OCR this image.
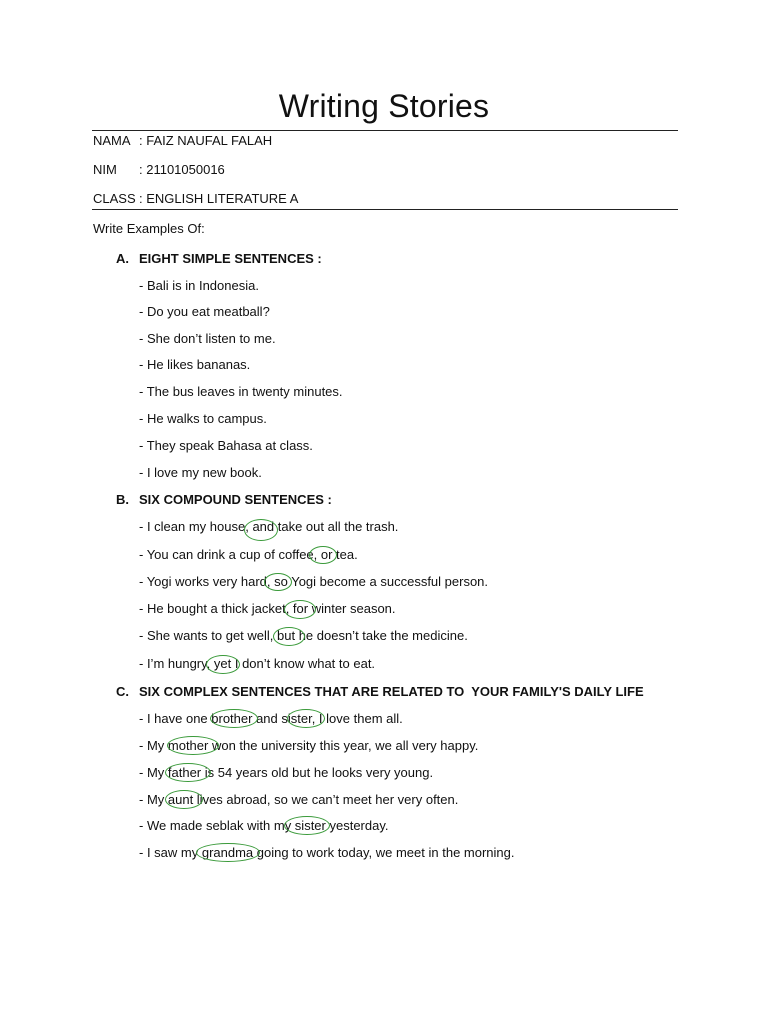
Writing Stories
NAMA : FAIZ NAUFAL FALAH
NIM : 21101050016
CLASS : ENGLISH LITERATURE A
Write Examples Of:
A. EIGHT SIMPLE SENTENCES :
- Bali is in Indonesia.
- Do you eat meatball?
- She don’t listen to me.
- He likes bananas.
- The bus leaves in twenty minutes.
- He walks to campus.
- They speak Bahasa at class.
- I love my new book.
B. SIX COMPOUND SENTENCES :
- I clean my house, and take out all the trash.
- You can drink a cup of coffee, or tea.
- Yogi works very hard, so Yogi become a successful person.
- He bought a thick jacket, for winter season.
- She wants to get well, but he doesn’t take the medicine.
- I’m hungry, yet I don’t know what to eat.
C. SIX COMPLEX SENTENCES THAT ARE RELATED TO  YOUR FAMILY'S DAILY LIFE
- I have one brother and sister, I love them all.
- My mother won the university this year, we all very happy.
- My father is 54 years old but he looks very young.
- My aunt lives abroad, so we can’t meet her very often.
- We made seblak with my sister yesterday.
- I saw my grandma going to work today, we meet in the morning.
